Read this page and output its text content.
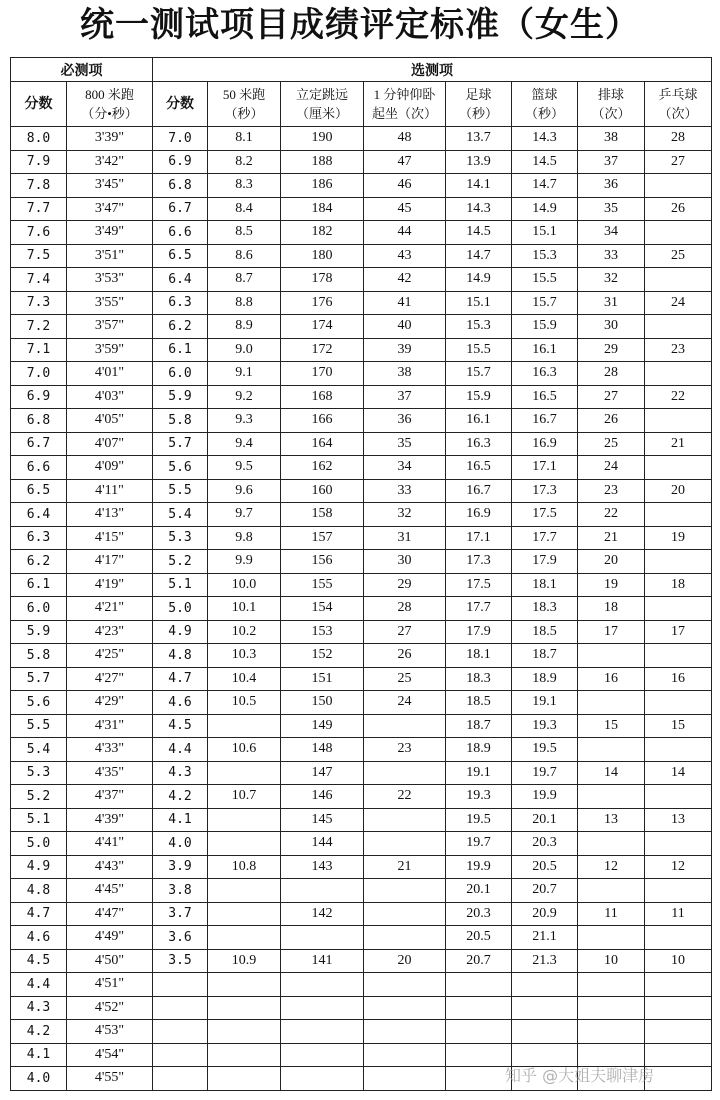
统一测试项目成绩评定标准（女生）
必测项		选测项							

分数	800 米跑
（分•秒）	分数	50 米跑
（秒）	立定跳远
（厘米）	1 分钟仰卧
起坐（次）	足球
（秒）	篮球
（秒）	排球
（次）	乒乓球
（次）

8.0	3'39"	7.0	8.1	190	48	13.7	14.3	38	28
7.9	3'42"	6.9	8.2	188	47	13.9	14.5	37	27
7.8	3'45"	6.8	8.3	186	46	14.1	14.7	36	
7.7	3'47"	6.7	8.4	184	45	14.3	14.9	35	26
7.6	3'49"	6.6	8.5	182	44	14.5	15.1	34	
7.5	3'51"	6.5	8.6	180	43	14.7	15.3	33	25
7.4	3'53"	6.4	8.7	178	42	14.9	15.5	32	
7.3	3'55"	6.3	8.8	176	41	15.1	15.7	31	24
7.2	3'57"	6.2	8.9	174	40	15.3	15.9	30	
7.1	3'59"	6.1	9.0	172	39	15.5	16.1	29	23
7.0	4'01"	6.0	9.1	170	38	15.7	16.3	28	
6.9	4'03"	5.9	9.2	168	37	15.9	16.5	27	22
6.8	4'05"	5.8	9.3	166	36	16.1	16.7	26	
6.7	4'07"	5.7	9.4	164	35	16.3	16.9	25	21
6.6	4'09"	5.6	9.5	162	34	16.5	17.1	24	
6.5	4'11"	5.5	9.6	160	33	16.7	17.3	23	20
6.4	4'13"	5.4	9.7	158	32	16.9	17.5	22	
6.3	4'15"	5.3	9.8	157	31	17.1	17.7	21	19
6.2	4'17"	5.2	9.9	156	30	17.3	17.9	20	
6.1	4'19"	5.1	10.0	155	29	17.5	18.1	19	18
6.0	4'21"	5.0	10.1	154	28	17.7	18.3	18	
5.9	4'23"	4.9	10.2	153	27	17.9	18.5	17	17
5.8	4'25"	4.8	10.3	152	26	18.1	18.7		
5.7	4'27"	4.7	10.4	151	25	18.3	18.9	16	16
5.6	4'29"	4.6	10.5	150	24	18.5	19.1		
5.5	4'31"	4.5		149		18.7	19.3	15	15
5.4	4'33"	4.4	10.6	148	23	18.9	19.5		
5.3	4'35"	4.3		147		19.1	19.7	14	14
5.2	4'37"	4.2	10.7	146	22	19.3	19.9		
5.1	4'39"	4.1		145		19.5	20.1	13	13
5.0	4'41"	4.0		144		19.7	20.3		
4.9	4'43"	3.9	10.8	143	21	19.9	20.5	12	12
4.8	4'45"	3.8				20.1	20.7		
4.7	4'47"	3.7		142		20.3	20.9	11	11
4.6	4'49"	3.6				20.5	21.1		
4.5	4'50"	3.5	10.9	141	20	20.7	21.3	10	10
4.4	4'51"								
4.3	4'52"								
4.2	4'53"								
4.1	4'54"								
4.0	4'55"									知乎 @大姐夫聊津房
